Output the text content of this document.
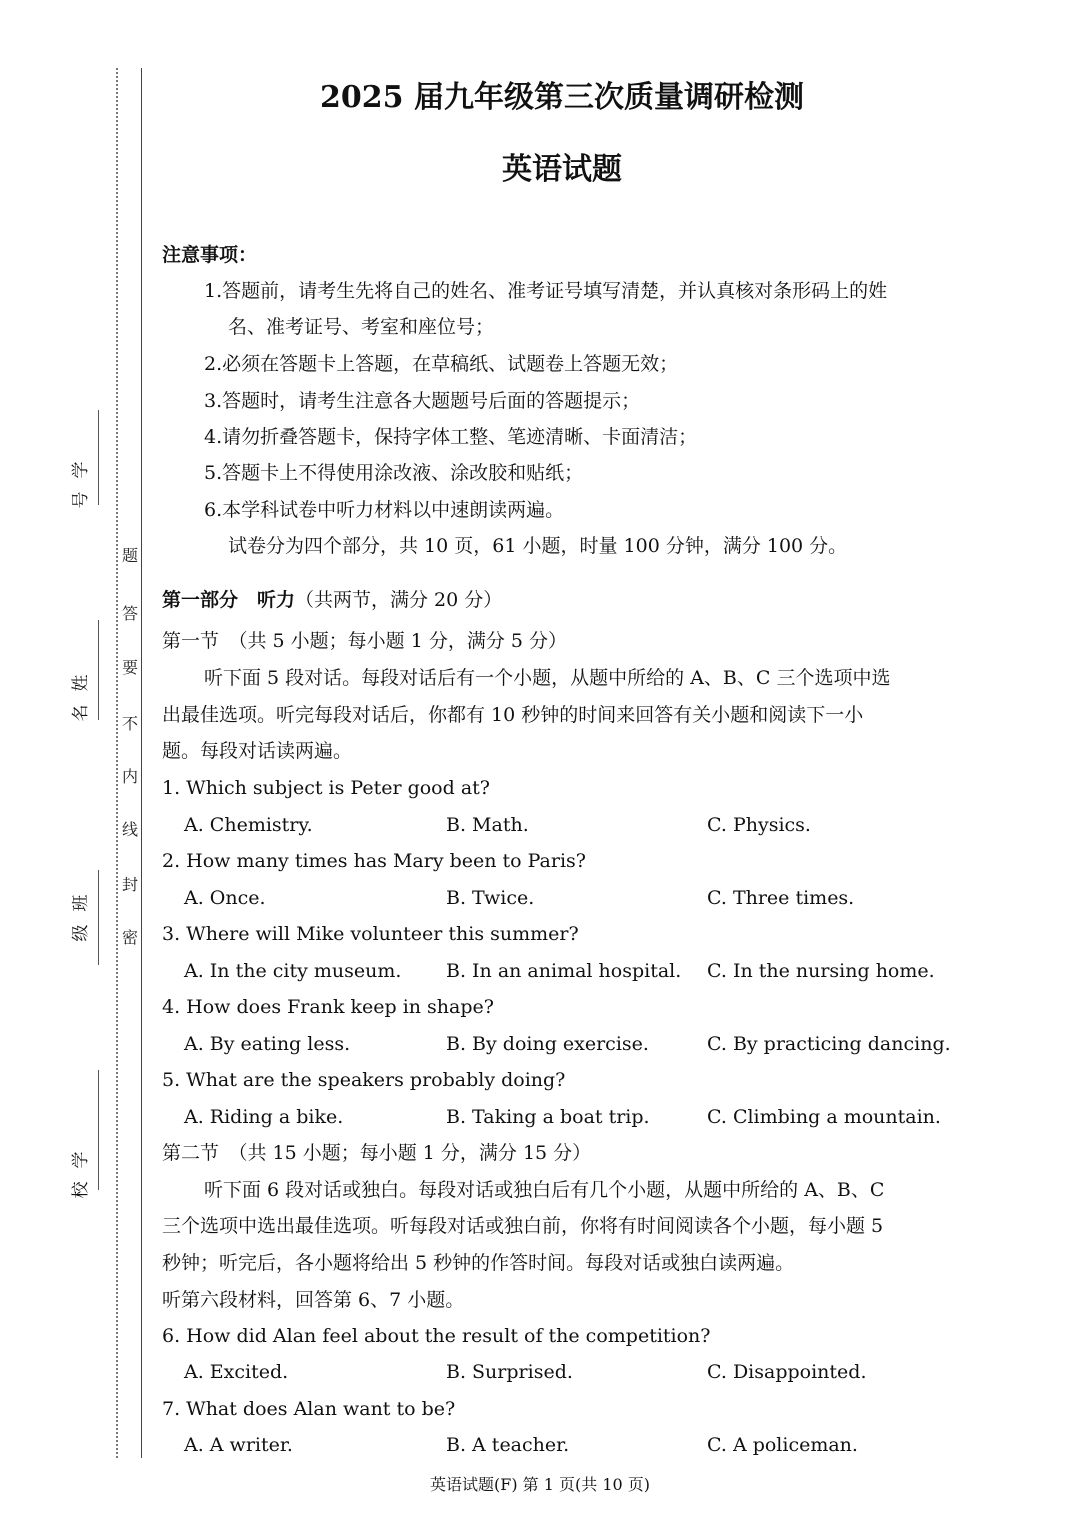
学
号
姓
名
班
级
学
校
题
答
要
不
内
线
封
密
2025 届九年级第三次质量调研检测
英语试题
注意事项：
1.答题前，请考生先将自己的姓名、准考证号填写清楚，并认真核对条形码上的姓
名、准考证号、考室和座位号；
2.必须在答题卡上答题，在草稿纸、试题卷上答题无效；
3.答题时，请考生注意各大题题号后面的答题提示；
4.请勿折叠答题卡，保持字体工整、笔迹清晰、卡面清洁；
5.答题卡上不得使用涂改液、涂改胶和贴纸；
6.本学科试卷中听力材料以中速朗读两遍。
试卷分为四个部分，共 10 页，61 小题，时量 100 分钟，满分 100 分。
第一部分　听力（共两节，满分 20 分）
第一节　（共 5 小题；每小题 1 分，满分 5 分）
听下面 5 段对话。每段对话后有一个小题，从题中所给的 A、B、C 三个选项中选
出最佳选项。听完每段对话后，你都有 10 秒钟的时间来回答有关小题和阅读下一小
题。每段对话读两遍。
1. Which subject is Peter good at?
A. Chemistry.	B. Math.	C. Physics.
2. How many times has Mary been to Paris?
A. Once.	B. Twice.	C. Three times.
3. Where will Mike volunteer this summer?
A. In the city museum. B. In an animal hospital. C. In the nursing home.
4. How does Frank keep in shape?
A. By eating less.	B. By doing exercise.	C. By practicing dancing.
5. What are the speakers probably doing?
A. Riding a bike.	B. Taking a boat trip.	C. Climbing a mountain.
第二节　（共 15 小题；每小题 1 分，满分 15 分）
听下面 6 段对话或独白。每段对话或独白后有几个小题，从题中所给的 A、B、C
三个选项中选出最佳选项。听每段对话或独白前，你将有时间阅读各个小题，每小题 5
秒钟；听完后，各小题将给出 5 秒钟的作答时间。每段对话或独白读两遍。
听第六段材料，回答第 6、7 小题。
6. How did Alan feel about the result of the competition?
A. Excited.	B. Surprised.	C. Disappointed.
7. What does Alan want to be?
A. A writer.	B. A teacher.	C. A policeman.
英语试题(F) 第 1 页(共 10 页)
